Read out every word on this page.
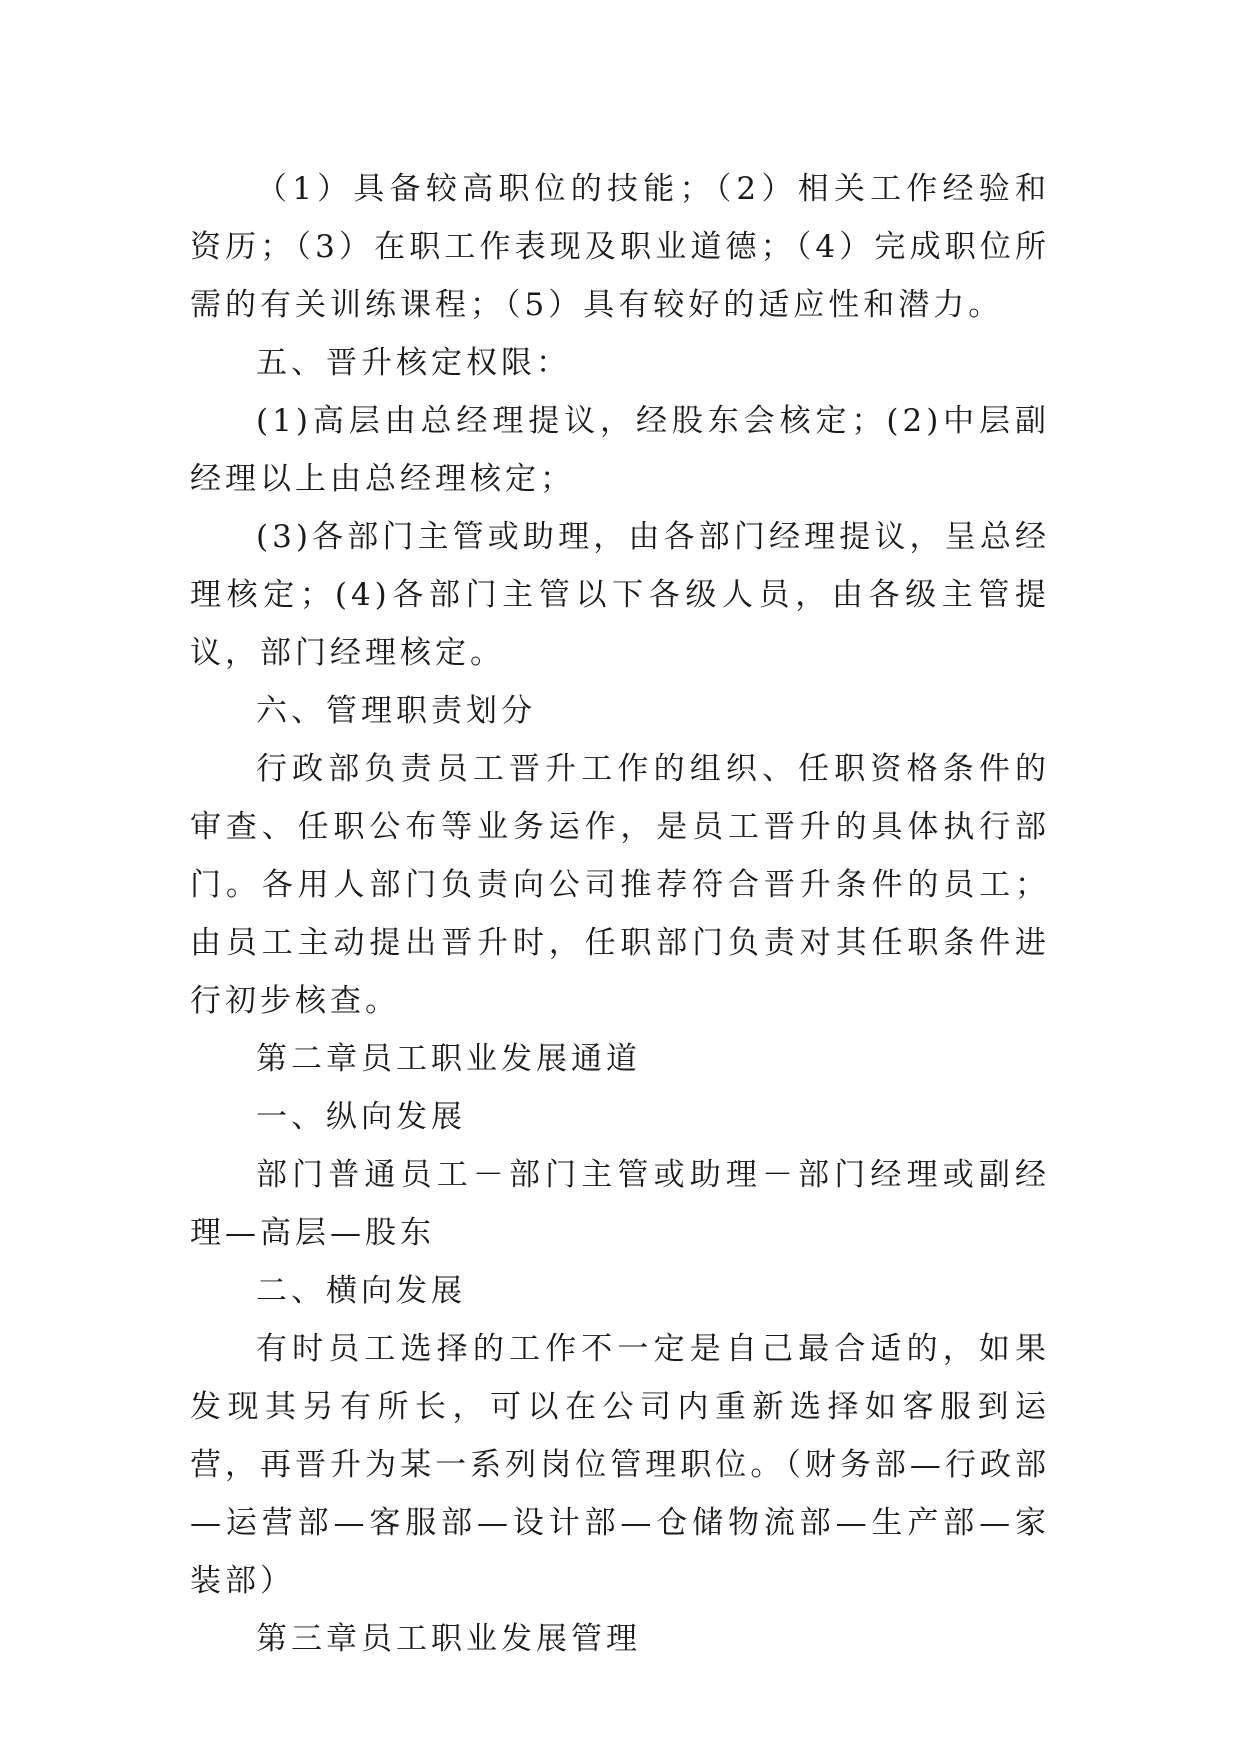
（1）具备较高职位的技能；（2）相关工作经验和资历；（3）在职工作表现及职业道德；（4）完成职位所需的有关训练课程；（5）具有较好的适应性和潜力。

五、晋升核定权限：

(1)高层由总经理提议，经股东会核定；(2)中层副经理以上由总经理核定；

(3)各部门主管或助理，由各部门经理提议，呈总经理核定；(4)各部门主管以下各级人员，由各级主管提议，部门经理核定。

六、管理职责划分

行政部负责员工晋升工作的组织、任职资格条件的审查、任职公布等业务运作，是员工晋升的具体执行部门。各用人部门负责向公司推荐符合晋升条件的员工；由员工主动提出晋升时，任职部门负责对其任职条件进行初步核查。

第二章员工职业发展通道

一、纵向发展

部门普通员工－部门主管或助理－部门经理或副经理—高层—股东

二、横向发展

有时员工选择的工作不一定是自己最合适的，如果发现其另有所长，可以在公司内重新选择如客服到运营，再晋升为某一系列岗位管理职位。（财务部—行政部—运营部—客服部—设计部—仓储物流部—生产部—家装部）

第三章员工职业发展管理
